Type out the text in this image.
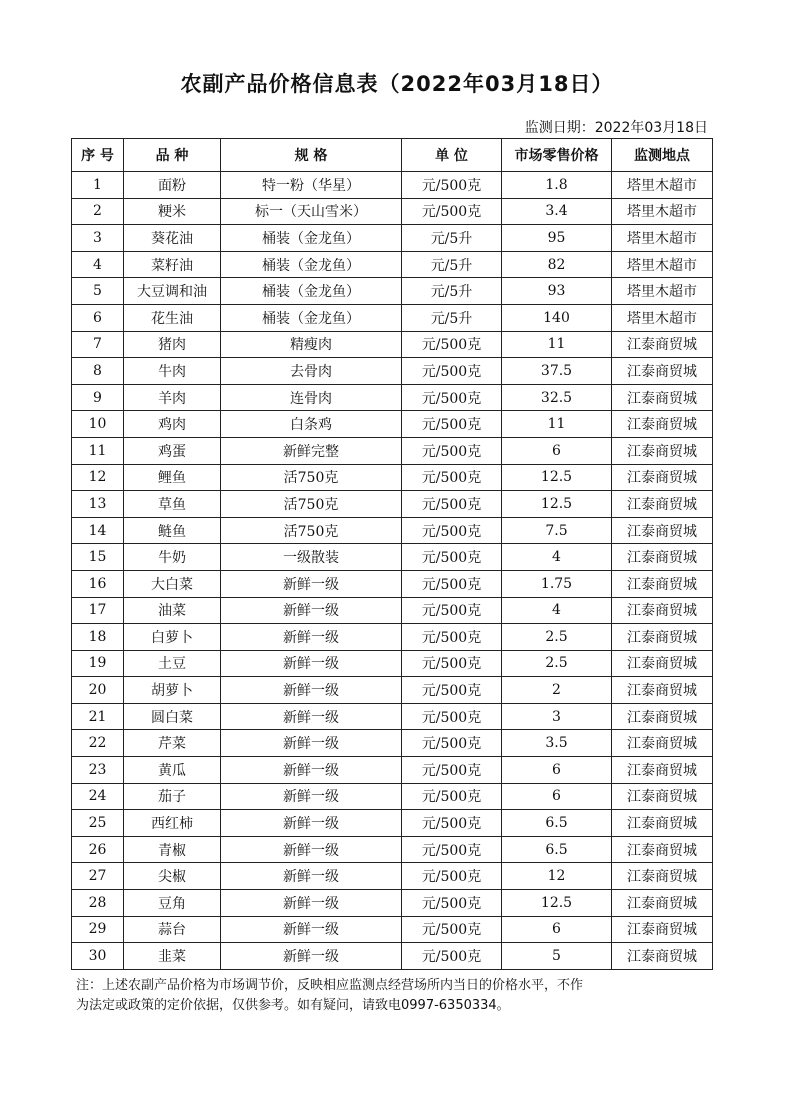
农副产品价格信息表（2022年03月18日）
监测日期：2022年03月18日
序 号	品 种	规 格	单 位	市场零售价格	监测地点
1	面粉	特一粉（华星）	元/500克	1.8	塔里木超市
2	粳米	标一（天山雪米）	元/500克	3.4	塔里木超市
3	葵花油	桶装（金龙鱼）	元/5升	95	塔里木超市
4	菜籽油	桶装（金龙鱼）	元/5升	82	塔里木超市
5	大豆调和油	桶装（金龙鱼）	元/5升	93	塔里木超市
6	花生油	桶装（金龙鱼）	元/5升	140	塔里木超市
7	猪肉	精瘦肉	元/500克	11	江泰商贸城
8	牛肉	去骨肉	元/500克	37.5	江泰商贸城
9	羊肉	连骨肉	元/500克	32.5	江泰商贸城
10	鸡肉	白条鸡	元/500克	11	江泰商贸城
11	鸡蛋	新鲜完整	元/500克	6	江泰商贸城
12	鲤鱼	活750克	元/500克	12.5	江泰商贸城
13	草鱼	活750克	元/500克	12.5	江泰商贸城
14	鲢鱼	活750克	元/500克	7.5	江泰商贸城
15	牛奶	一级散装	元/500克	4	江泰商贸城
16	大白菜	新鲜一级	元/500克	1.75	江泰商贸城
17	油菜	新鲜一级	元/500克	4	江泰商贸城
18	白萝卜	新鲜一级	元/500克	2.5	江泰商贸城
19	土豆	新鲜一级	元/500克	2.5	江泰商贸城
20	胡萝卜	新鲜一级	元/500克	2	江泰商贸城
21	圆白菜	新鲜一级	元/500克	3	江泰商贸城
22	芹菜	新鲜一级	元/500克	3.5	江泰商贸城
23	黄瓜	新鲜一级	元/500克	6	江泰商贸城
24	茄子	新鲜一级	元/500克	6	江泰商贸城
25	西红柿	新鲜一级	元/500克	6.5	江泰商贸城
26	青椒	新鲜一级	元/500克	6.5	江泰商贸城
27	尖椒	新鲜一级	元/500克	12	江泰商贸城
28	豆角	新鲜一级	元/500克	12.5	江泰商贸城
29	蒜台	新鲜一级	元/500克	6	江泰商贸城
30	韭菜	新鲜一级	元/500克	5	江泰商贸城
注：上述农副产品价格为市场调节价，反映相应监测点经营场所内当日的价格水平，不作
为法定或政策的定价依据，仅供参考。如有疑问，请致电0997-6350334。
